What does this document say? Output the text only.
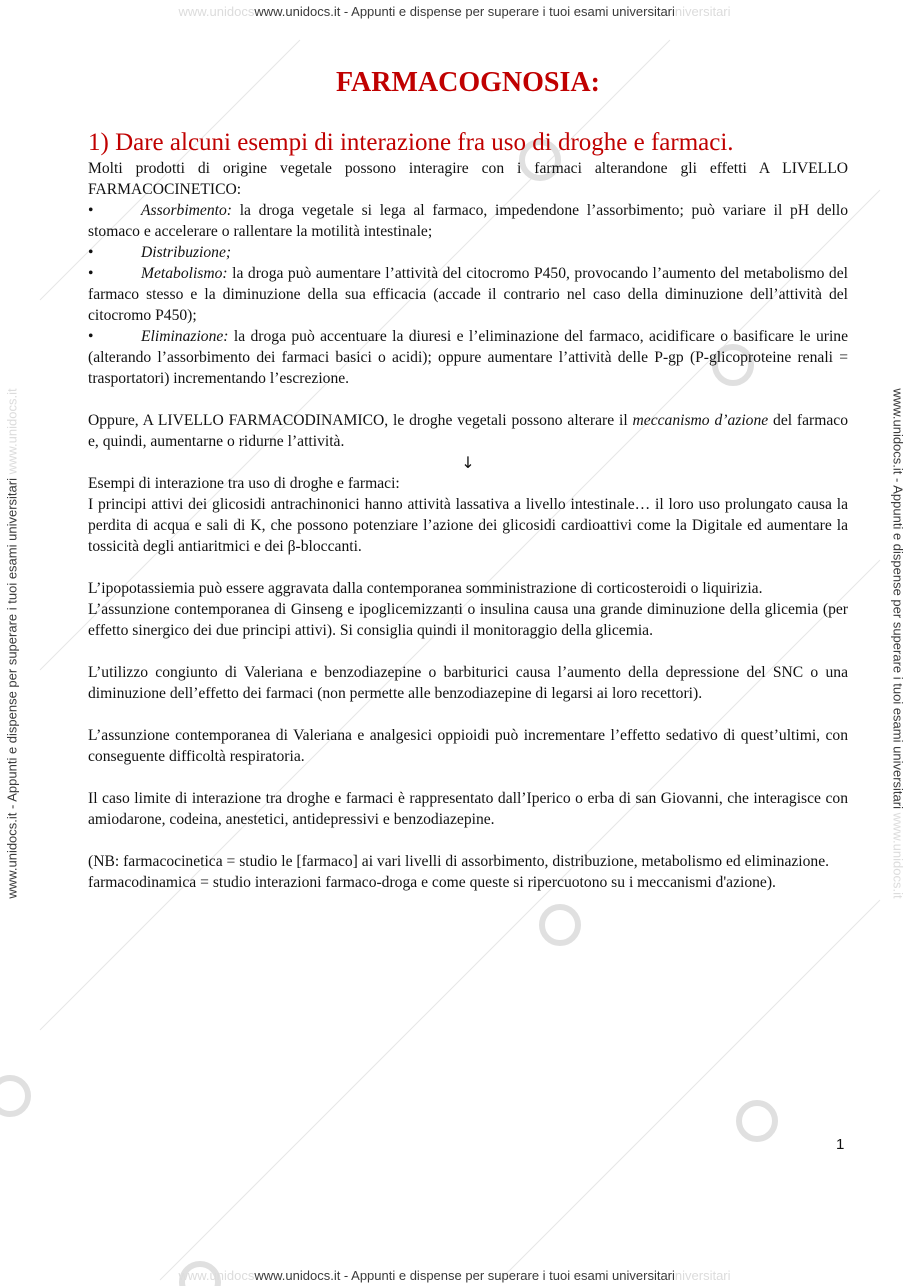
www.unidocswww.unidocs.it - Appunti e dispense per superare i tuoi esami universitariniversitari
www.unidocswww.unidocs.it - Appunti e dispense per superare i tuoi esami universitariniversitari
www.unidocs.it - Appunti e dispense per superare i tuoi esami universitari www.unidocs.it	www.unidocs.it - Appunti e dispense per superare i tuoi esami universitari www.unidocs.it
FARMACOGNOSIA:
1) Dare alcuni esempi di interazione fra uso di droghe e farmaci.

Molti prodotti di origine vegetale possono interagire con i farmaci alterandone gli effetti A LIVELLO FARMACOCINETICO:

•	Assorbimento: la droga vegetale si lega al farmaco, impedendone l’assorbimento; può variare il pH dello stomaco e accelerare o rallentare la motilità intestinale;
•	Distribuzione;
•	Metabolismo: la droga può aumentare l’attività del citocromo P450, provocando l’aumento del metabolismo del farmaco stesso e la diminuzione della sua efficacia (accade il contrario nel caso della diminuzione dell’attività del citocromo P450);
•	Eliminazione: la droga può accentuare la diuresi e l’eliminazione del farmaco, acidificare o basificare le urine (alterando l’assorbimento dei farmaci basici o acidi); oppure aumentare l’attività delle P-gp (P-glicoproteine renali = trasportatori) incrementando l’escrezione.

Oppure, A LIVELLO FARMACODINAMICO, le droghe vegetali possono alterare il meccanismo d’azione del farmaco e, quindi, aumentarne o ridurne l’attività.

↓

Esempi di interazione tra uso di droghe e farmaci:

I principi attivi dei glicosidi antrachinonici hanno attività lassativa a livello intestinale… il loro uso prolungato causa la perdita di acqua e sali di K, che possono potenziare l’azione dei glicosidi cardioattivi come la Digitale ed aumentare la tossicità degli antiaritmici e dei β-bloccanti.

L’ipopotassiemia può essere aggravata dalla contemporanea somministrazione di corticosteroidi o liquirizia.

L’assunzione contemporanea di Ginseng e ipoglicemizzanti o insulina causa una grande diminuzione della glicemia (per effetto sinergico dei due principi attivi). Si consiglia quindi il monitoraggio della glicemia.

L’utilizzo congiunto di Valeriana e benzodiazepine o barbiturici causa l’aumento della depressione del SNC o una diminuzione dell’effetto dei farmaci (non permette alle benzodiazepine di legarsi ai loro recettori).

L’assunzione contemporanea di Valeriana e analgesici oppioidi può incrementare l’effetto sedativo di quest’ultimi, con conseguente difficoltà respiratoria.

Il caso limite di interazione tra droghe e farmaci è rappresentato dall’Iperico o erba di san Giovanni, che interagisce con amiodarone, codeina, anestetici, antidepressivi e benzodiazepine.

(NB: farmacocinetica = studio le [farmaco] ai vari livelli di assorbimento, distribuzione, metabolismo ed eliminazione.

farmacodinamica = studio interazioni farmaco-droga e come queste si ripercuotono su i meccanismi d'azione).

1
